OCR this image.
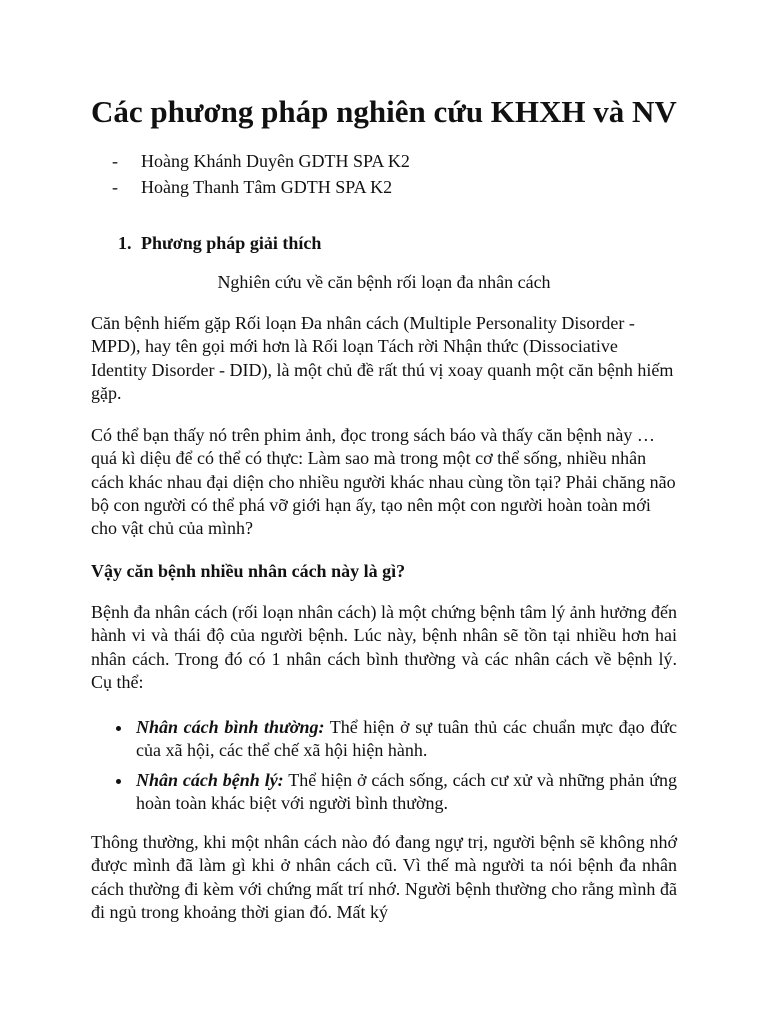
Các phương pháp nghiên cứu KHXH và NV
- Hoàng Khánh Duyên GDTH SPA K2
- Hoàng Thanh Tâm GDTH SPA K2
1. Phương pháp giải thích

Nghiên cứu về căn bệnh rối loạn đa nhân cách

Căn bệnh hiếm gặp Rối loạn Đa nhân cách (Multiple Personality Disorder - MPD), hay tên gọi mới hơn là Rối loạn Tách rời Nhận thức (Dissociative Identity Disorder - DID), là một chủ đề rất thú vị xoay quanh một căn bệnh hiếm gặp.

Có thể bạn thấy nó trên phim ảnh, đọc trong sách báo và thấy căn bệnh này … quá kì diệu để có thể có thực: Làm sao mà trong một cơ thể sống, nhiều nhân cách khác nhau đại diện cho nhiều người khác nhau cùng tồn tại? Phải chăng não bộ con người có thể phá vỡ giới hạn ấy, tạo nên một con người hoàn toàn mới cho vật chủ của mình?

Vậy căn bệnh nhiều nhân cách này là gì?

Bệnh đa nhân cách (rối loạn nhân cách) là một chứng bệnh tâm lý ảnh hưởng đến hành vi và thái độ của người bệnh. Lúc này, bệnh nhân sẽ tồn tại nhiều hơn hai nhân cách. Trong đó có 1 nhân cách bình thường và các nhân cách về bệnh lý. Cụ thể:

Nhân cách bình thường: Thể hiện ở sự tuân thủ các chuẩn mực đạo đức của xã hội, các thể chế xã hội hiện hành.
Nhân cách bệnh lý: Thể hiện ở cách sống, cách cư xử và những phản ứng hoàn toàn khác biệt với người bình thường.

Thông thường, khi một nhân cách nào đó đang ngự trị, người bệnh sẽ không nhớ được mình đã làm gì khi ở nhân cách cũ. Vì thế mà người ta nói bệnh đa nhân cách thường đi kèm với chứng mất trí nhớ. Người bệnh thường cho rằng mình đã đi ngủ trong khoảng thời gian đó. Mất ký
